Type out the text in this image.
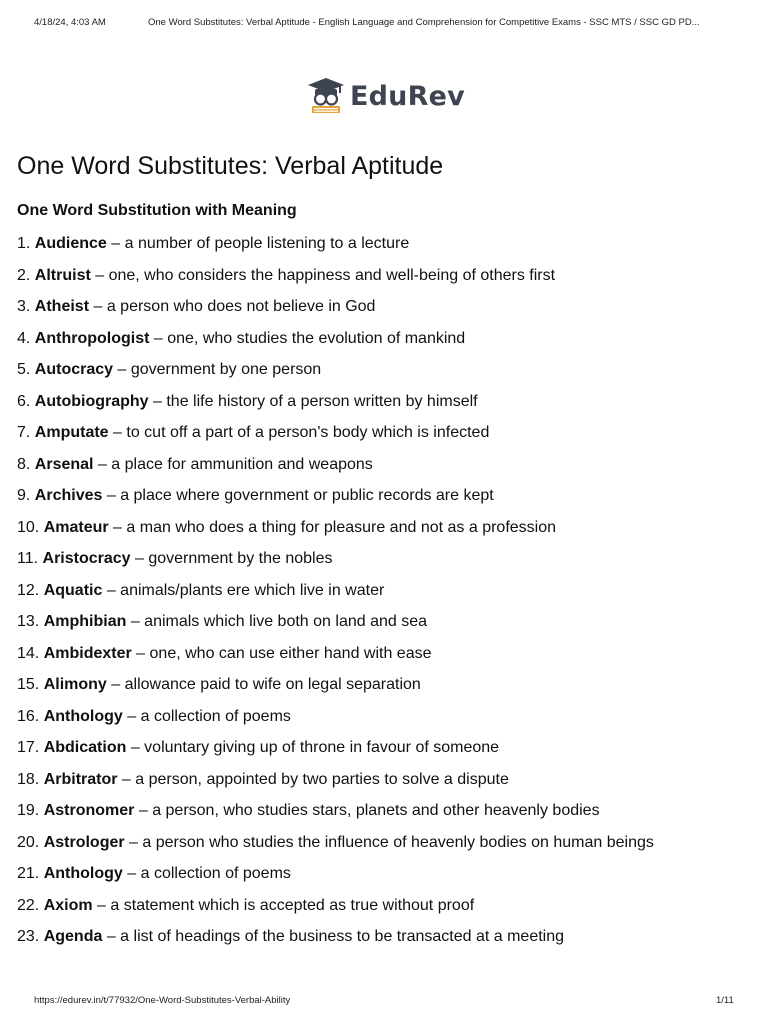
4/18/24, 4:03 AM	One Word Substitutes: Verbal Aptitude - English Language and Comprehension for Competitive Exams - SSC MTS / SSC GD PD...
EduRev
One Word Substitutes: Verbal Aptitude
One Word Substitution with Meaning
1. Audience – a number of people listening to a lecture
2. Altruist – one, who considers the happiness and well-being of others first
3. Atheist – a person who does not believe in God
4. Anthropologist – one, who studies the evolution of mankind
5. Autocracy – government by one person
6. Autobiography – the life history of a person written by himself
7. Amputate – to cut off a part of a person's body which is infected
8. Arsenal – a place for ammunition and weapons
9. Archives – a place where government or public records are kept
10. Amateur – a man who does a thing for pleasure and not as a profession
11. Aristocracy – government by the nobles
12. Aquatic – animals/plants ere which live in water
13. Amphibian – animals which live both on land and sea
14. Ambidexter – one, who can use either hand with ease
15. Alimony – allowance paid to wife on legal separation
16. Anthology – a collection of poems
17. Abdication – voluntary giving up of throne in favour of someone
18. Arbitrator – a person, appointed by two parties to solve a dispute
19. Astronomer – a person, who studies stars, planets and other heavenly bodies
20. Astrologer – a person who studies the influence of heavenly bodies on human beings
21. Anthology – a collection of poems
22. Axiom – a statement which is accepted as true without proof
23. Agenda – a list of headings of the business to be transacted at a meeting
https://edurev.in/t/77932/One-Word-Substitutes-Verbal-Ability	1/11
